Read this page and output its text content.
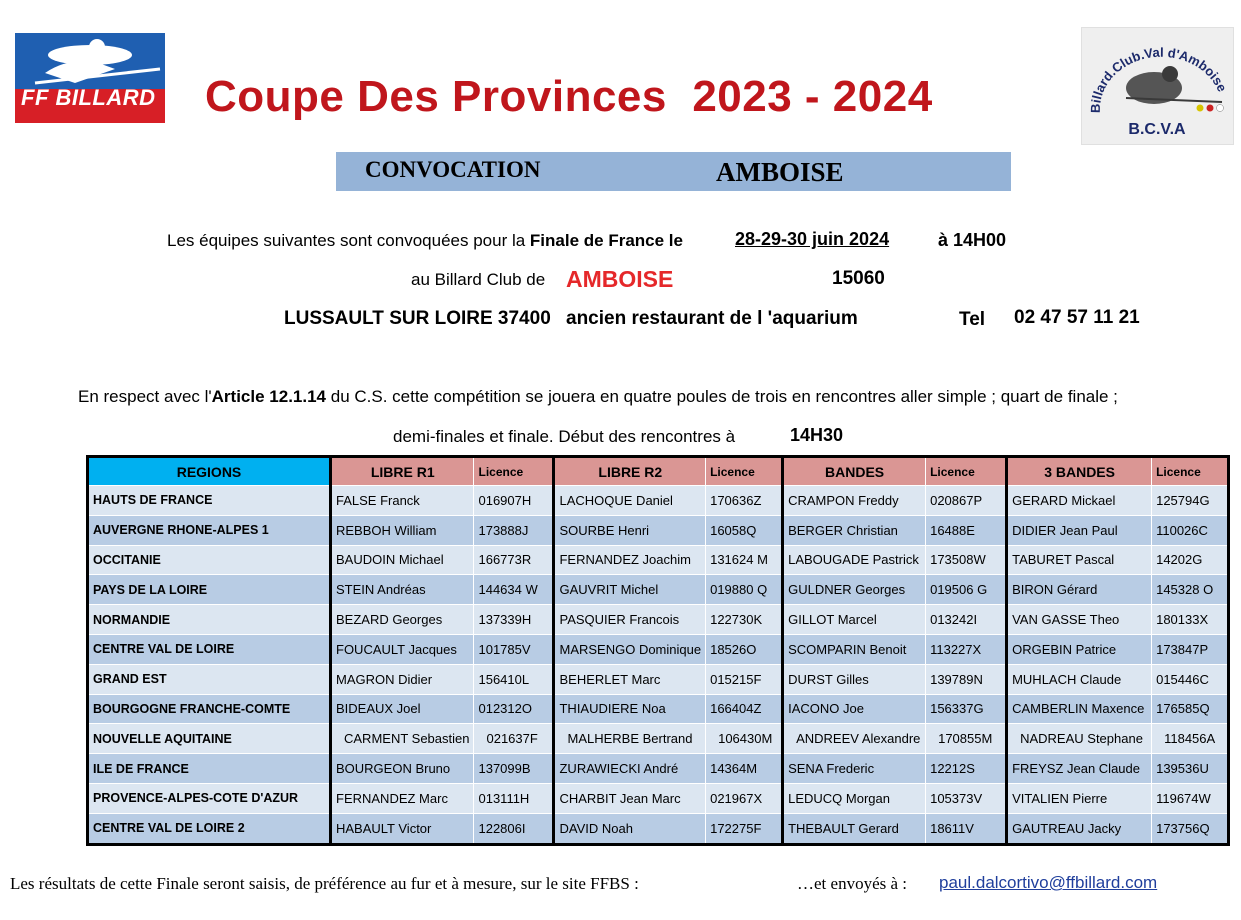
FF BILLARD Coupe Des Provinces  2023 - 2024	Billard.Club.Val d'Amboise
B.C.V.A
CONVOCATION	AMBOISE
Les équipes suivantes sont convoquées pour la Finale de France le	28-29-30 juin 2024	à 14H00
au Billard Club de AMBOISE	15060
LUSSAULT SUR LOIRE 37400 ancien restaurant de l 'aquarium	Tel 02 47 57 11 21
En respect avec l'Article 12.1.14 du C.S. cette compétition se jouera en quatre poules de trois en rencontres aller simple ; quart de finale ;
demi-finales et finale. Début des rencontres à	14H30
REGIONS	LIBRE R1	Licence	LIBRE R2	Licence	BANDES	Licence	3 BANDES	Licence
HAUTS DE FRANCE	FALSE Franck	016907H	LACHOQUE Daniel	170636Z	CRAMPON Freddy	020867P	GERARD Mickael	125794G
AUVERGNE RHONE-ALPES 1	REBBOH William	173888J	SOURBE Henri	16058Q	BERGER Christian	16488E	DIDIER Jean Paul	110026C
OCCITANIE	BAUDOIN Michael	166773R	FERNANDEZ Joachim	131624 M	LABOUGADE Pastrick	173508W	TABURET Pascal	14202G
PAYS DE LA LOIRE	STEIN Andréas	144634 W	GAUVRIT Michel	019880 Q	GULDNER Georges	019506 G	BIRON Gérard	145328 O
NORMANDIE	BEZARD Georges	137339H	PASQUIER Francois	122730K	GILLOT Marcel	013242I	VAN GASSE Theo	180133X
CENTRE VAL DE LOIRE	FOUCAULT Jacques	101785V	MARSENGO Dominique	18526O	SCOMPARIN Benoit	113227X	ORGEBIN Patrice	173847P
GRAND EST	MAGRON Didier	156410L	BEHERLET Marc	015215F	DURST Gilles	139789N	MUHLACH Claude	015446C
BOURGOGNE FRANCHE-COMTE	BIDEAUX Joel	012312O	THIAUDIERE Noa	166404Z	IACONO Joe	156337G	CAMBERLIN Maxence	176585Q
NOUVELLE AQUITAINE	CARMENT Sebastien	021637F	MALHERBE Bertrand	106430M	ANDREEV Alexandre	170855M	NADREAU Stephane	118456A
ILE DE FRANCE	BOURGEON Bruno	137099B	ZURAWIECKI André	14364M	SENA Frederic	12212S	FREYSZ Jean Claude	139536U
PROVENCE-ALPES-COTE D'AZUR	FERNANDEZ Marc	013111H	CHARBIT Jean Marc	021967X	LEDUCQ Morgan	105373V	VITALIEN Pierre	119674W
CENTRE VAL DE LOIRE 2	HABAULT Victor	122806I	DAVID Noah	172275F	THEBAULT Gerard	18611V	GAUTREAU Jacky	173756Q
Les résultats de cette Finale seront saisis, de préférence au fur et à mesure, sur le site FFBS :	…et envoyés à : paul.dalcortivo@ffbillard.com
